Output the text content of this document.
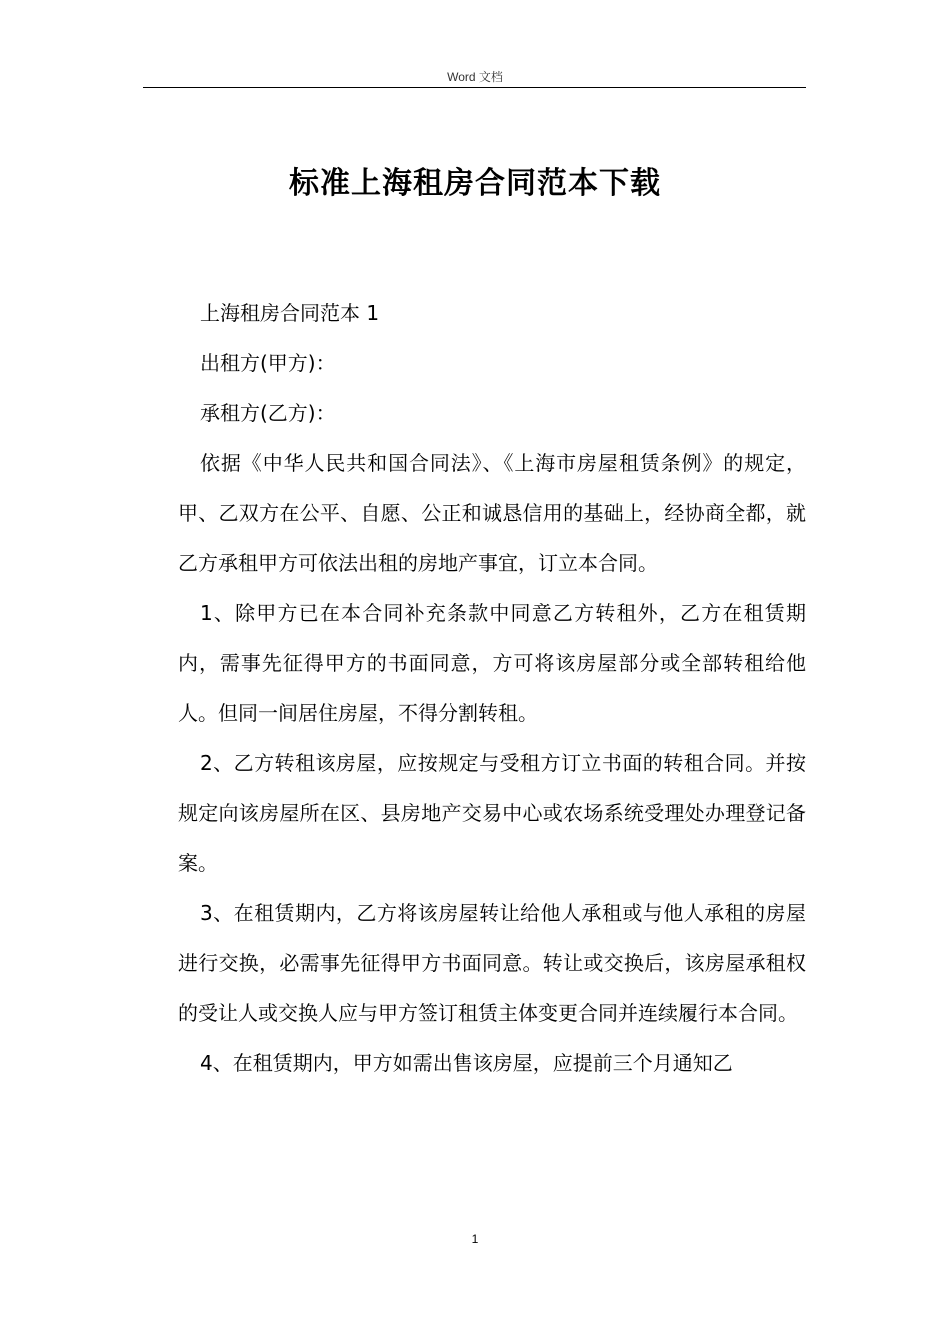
Word 文档
标准上海租房合同范本下载

上海租房合同范本 1

出租方(甲方)：

承租方(乙方)：

依据《中华人民共和国合同法》、《上海市房屋租赁条例》的规定，甲、乙双方在公平、自愿、公正和诚恳信用的基础上，经协商全都，就乙方承租甲方可依法出租的房地产事宜，订立本合同。

1、除甲方已在本合同补充条款中同意乙方转租外，乙方在租赁期内，需事先征得甲方的书面同意，方可将该房屋部分或全部转租给他人。但同一间居住房屋，不得分割转租。

2、乙方转租该房屋，应按规定与受租方订立书面的转租合同。并按规定向该房屋所在区、县房地产交易中心或农场系统受理处办理登记备案。

3、在租赁期内，乙方将该房屋转让给他人承租或与他人承租的房屋进行交换，必需事先征得甲方书面同意。转让或交换后，该房屋承租权的受让人或交换人应与甲方签订租赁主体变更合同并连续履行本合同。

4、在租赁期内，甲方如需出售该房屋，应提前三个月通知乙

1
